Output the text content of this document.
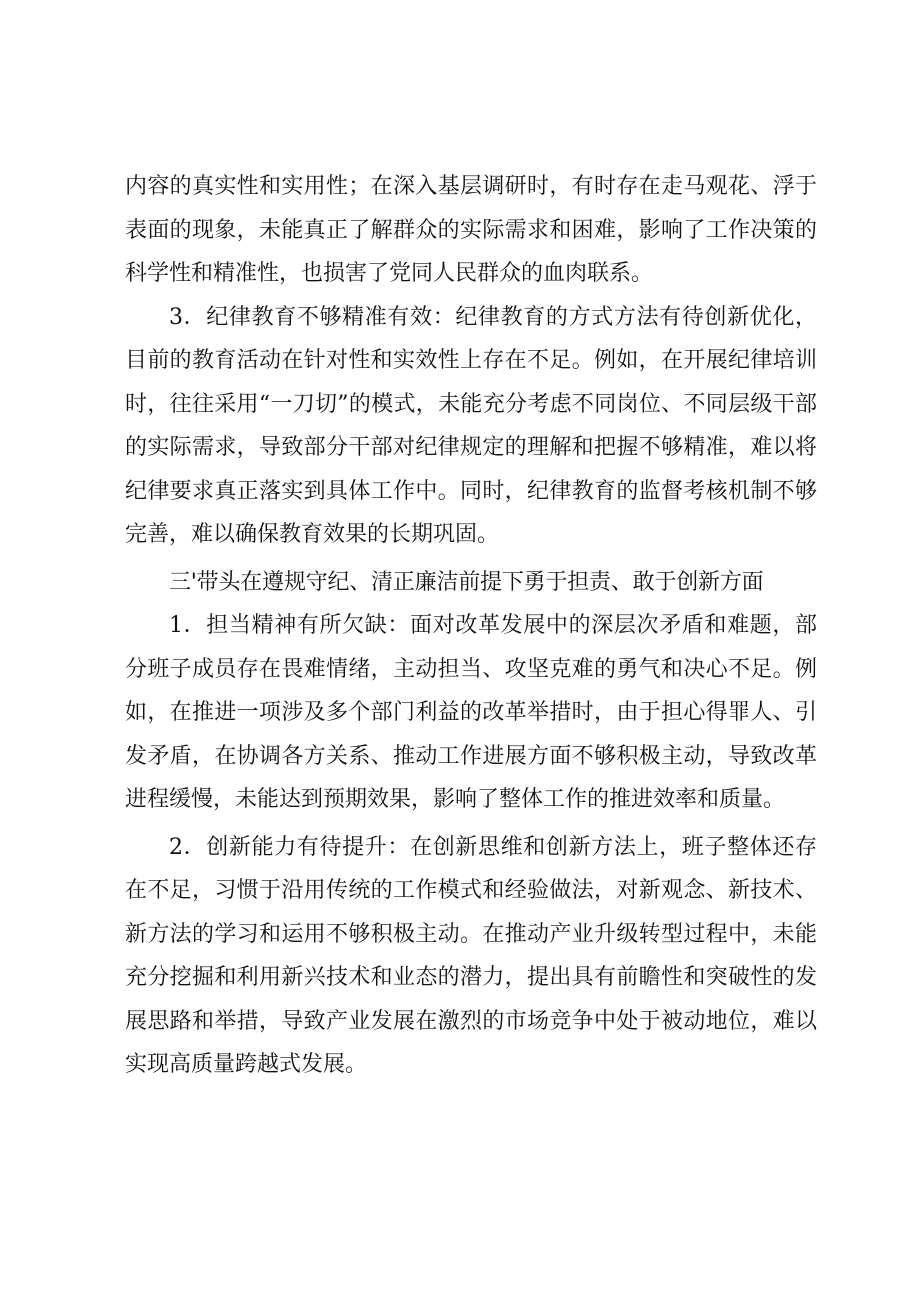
内容的真实性和实用性；在深入基层调研时，有时存在走马观花、浮于表面的现象，未能真正了解群众的实际需求和困难，影响了工作决策的科学性和精准性，也损害了党同人民群众的血肉联系。

3．纪律教育不够精准有效：纪律教育的方式方法有待创新优化，目前的教育活动在针对性和实效性上存在不足。例如，在开展纪律培训时，往往采用“一刀切”的模式，未能充分考虑不同岗位、不同层级干部的实际需求，导致部分干部对纪律规定的理解和把握不够精准，难以将纪律要求真正落实到具体工作中。同时，纪律教育的监督考核机制不够完善，难以确保教育效果的长期巩固。

三'带头在遵规守纪、清正廉洁前提下勇于担责、敢于创新方面

1．担当精神有所欠缺：面对改革发展中的深层次矛盾和难题，部分班子成员存在畏难情绪，主动担当、攻坚克难的勇气和决心不足。例如，在推进一项涉及多个部门利益的改革举措时，由于担心得罪人、引发矛盾，在协调各方关系、推动工作进展方面不够积极主动，导致改革进程缓慢，未能达到预期效果，影响了整体工作的推进效率和质量。

2．创新能力有待提升：在创新思维和创新方法上，班子整体还存在不足，习惯于沿用传统的工作模式和经验做法，对新观念、新技术、新方法的学习和运用不够积极主动。在推动产业升级转型过程中，未能充分挖掘和利用新兴技术和业态的潜力，提出具有前瞻性和突破性的发展思路和举措，导致产业发展在激烈的市场竞争中处于被动地位，难以实现高质量跨越式发展。
